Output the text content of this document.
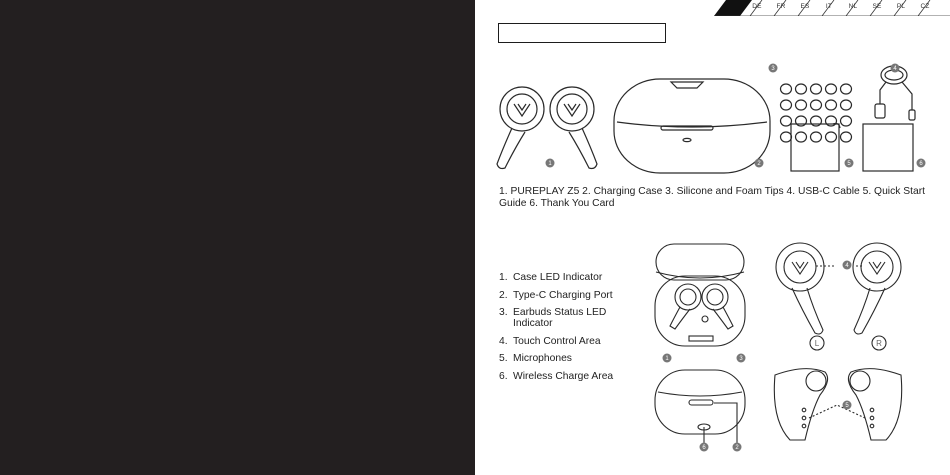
DE	FR	ES	IT	NL	SE	PL	CZ
1	2
3	4
5	6
1. PUREPLAY Z5 2. Charging Case 3. Silicone and Foam Tips 4. USB-C Cable 5. Quick Start Guide 6. Thank You Card
1. Case LED Indicator
2. Type-C Charging Port
3. Earbuds Status LED Indicator
4. Touch Control Area
5. Microphones
6. Wireless Charge Area
1	3
4
6	2
5
L	R
